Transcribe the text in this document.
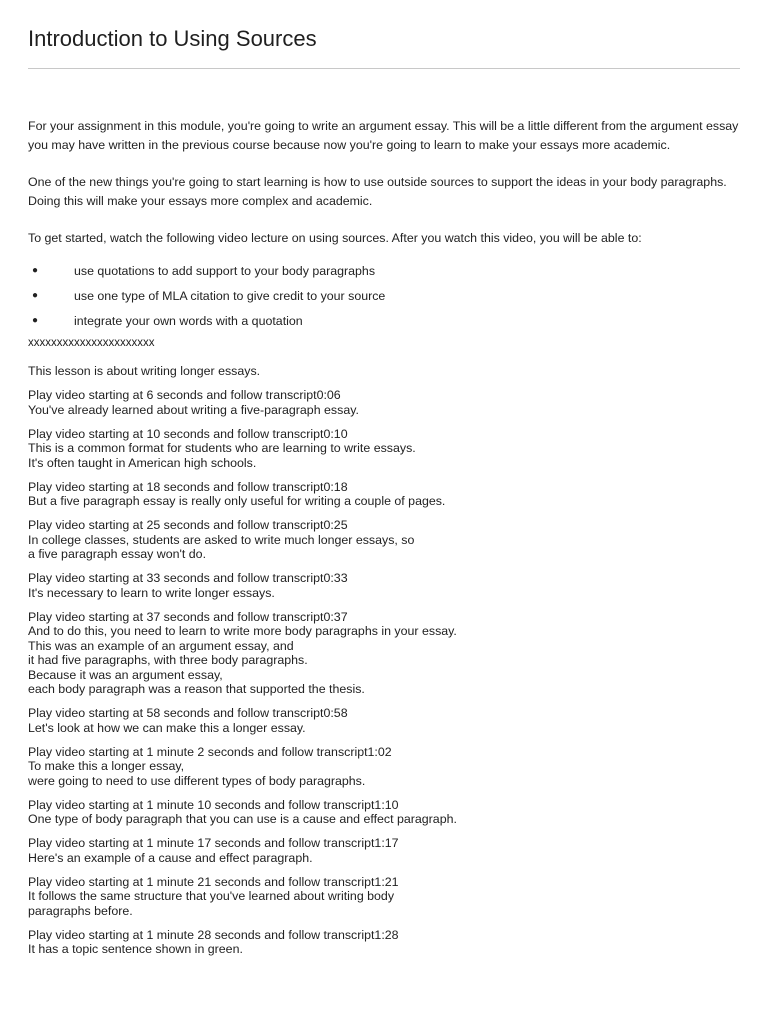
Introduction to Using Sources

For your assignment in this module, you're going to write an argument essay. This will be a little different from the argument essay you may have written in the previous course because now you're going to learn to make your essays more academic.

One of the new things you're going to start learning is how to use outside sources to support the ideas in your body paragraphs. Doing this will make your essays more complex and academic.

To get started, watch the following video lecture on using sources. After you watch this video, you will be able to:

●	use quotations to add support to your body paragraphs
●	use one type of MLA citation to give credit to your source
●	integrate your own words with a quotation
xxxxxxxxxxxxxxxxxxxxxx
This lesson is about writing longer essays.
Play video starting at 6 seconds and follow transcript0:06
You've already learned about writing a five-paragraph essay.
Play video starting at 10 seconds and follow transcript0:10
This is a common format for students who are learning to write essays.
It's often taught in American high schools.
Play video starting at 18 seconds and follow transcript0:18
But a five paragraph essay is really only useful for writing a couple of pages.
Play video starting at 25 seconds and follow transcript0:25
In college classes, students are asked to write much longer essays, so
a five paragraph essay won't do.
Play video starting at 33 seconds and follow transcript0:33
It's necessary to learn to write longer essays.
Play video starting at 37 seconds and follow transcript0:37
And to do this, you need to learn to write more body paragraphs in your essay.
This was an example of an argument essay, and
it had five paragraphs, with three body paragraphs.
Because it was an argument essay,
each body paragraph was a reason that supported the thesis.
Play video starting at 58 seconds and follow transcript0:58
Let's look at how we can make this a longer essay.
Play video starting at 1 minute 2 seconds and follow transcript1:02
To make this a longer essay,
were going to need to use different types of body paragraphs.
Play video starting at 1 minute 10 seconds and follow transcript1:10
One type of body paragraph that you can use is a cause and effect paragraph.
Play video starting at 1 minute 17 seconds and follow transcript1:17
Here's an example of a cause and effect paragraph.
Play video starting at 1 minute 21 seconds and follow transcript1:21
It follows the same structure that you've learned about writing body
paragraphs before.
Play video starting at 1 minute 28 seconds and follow transcript1:28
It has a topic sentence shown in green.
